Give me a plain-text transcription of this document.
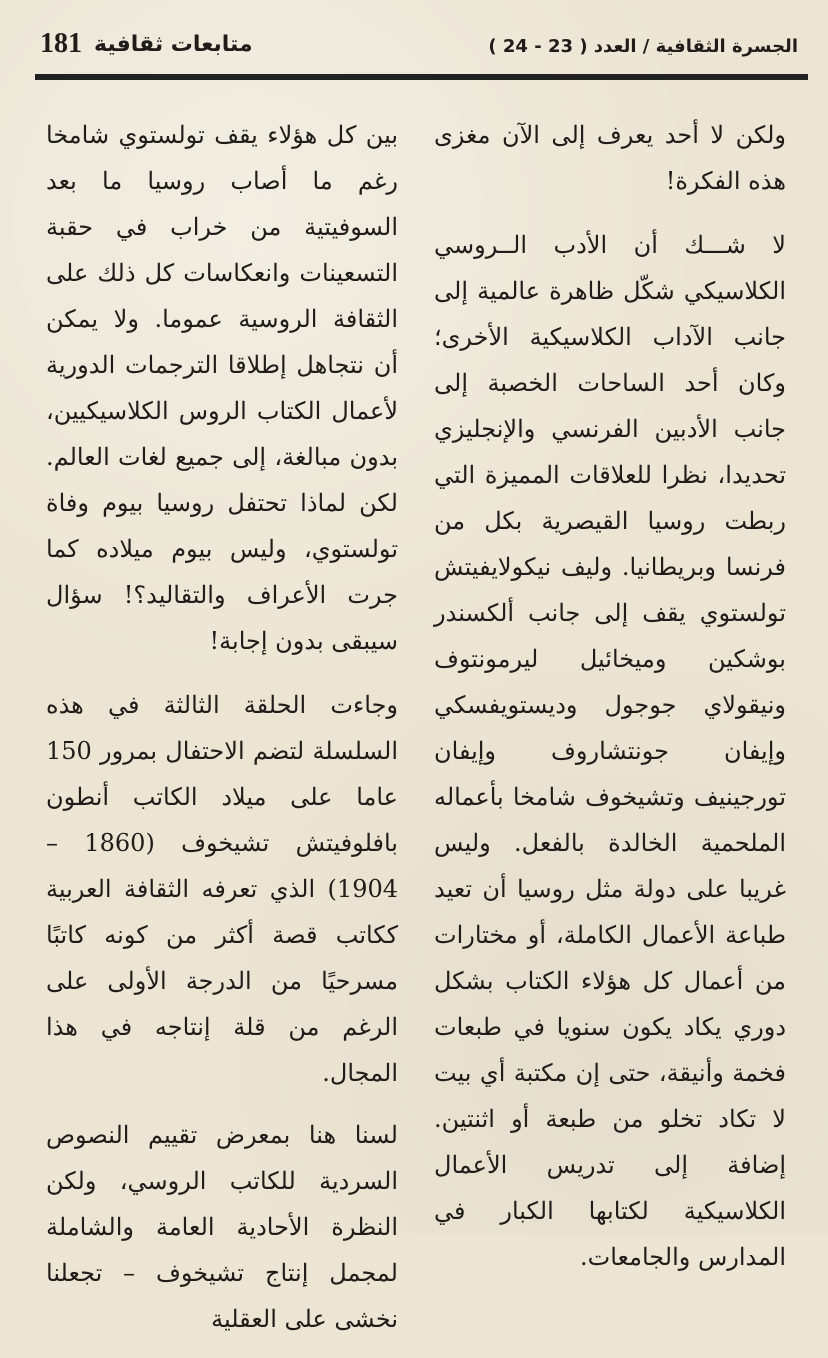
الجسرة الثقافية / العدد ( 23 - 24 )
181 متابعات ثقافية

ولكن لا أحد يعرف إلى الآن مغزى هذه الفكرة!

لا شـــك أن الأدب الــروسي الكلاسيكي شكّل ظاهرة عالمية إلى جانب الآداب الكلاسيكية الأخرى؛ وكان أحد الساحات الخصبة إلى جانب الأدبين الفرنسي والإنجليزي تحديدا، نظرا للعلاقات المميزة التي ربطت روسيا القيصرية بكل من فرنسا وبريطانيا. وليف نيكولايفيتش تولستوي يقف إلى جانب ألكسندر بوشكين وميخائيل ليرمونتوف ونيقولاي جوجول وديستويفسكي وإيفان جونتشاروف وإيفان تورجينيف وتشيخوف شامخا بأعماله الملحمية الخالدة بالفعل. وليس غريبا على دولة مثل روسيا أن تعيد طباعة الأعمال الكاملة، أو مختارات من أعمال كل هؤلاء الكتاب بشكل دوري يكاد يكون سنويا في طبعات فخمة وأنيقة، حتى إن مكتبة أي بيت لا تكاد تخلو من طبعة أو اثنتين. إضافة إلى تدريس الأعمال الكلاسيكية لكتابها الكبار في المدارس والجامعات.

بين كل هؤلاء يقف تولستوي شامخا رغم ما أصاب روسيا ما بعد السوفيتية من خراب في حقبة التسعينات وانعكاسات كل ذلك على الثقافة الروسية عموما. ولا يمكن أن نتجاهل إطلاقا الترجمات الدورية لأعمال الكتاب الروس الكلاسيكيين، بدون مبالغة، إلى جميع لغات العالم. لكن لماذا تحتفل روسيا بيوم وفاة تولستوي، وليس بيوم ميلاده كما جرت الأعراف والتقاليد؟! سؤال سيبقى بدون إجابة!

وجاءت الحلقة الثالثة في هذه السلسلة لتضم الاحتفال بمرور 150 عاما على ميلاد الكاتب أنطون بافلوفيتش تشيخوف (1860 – 1904) الذي تعرفه الثقافة العربية ككاتب قصة أكثر من كونه كاتبًا مسرحيًا من الدرجة الأولى على الرغم من قلة إنتاجه في هذا المجال.

لسنا هنا بمعرض تقييم النصوص السردية للكاتب الروسي، ولكن النظرة الأحادية العامة والشاملة لمجمل إنتاج تشيخوف – تجعلنا نخشى على العقلية
